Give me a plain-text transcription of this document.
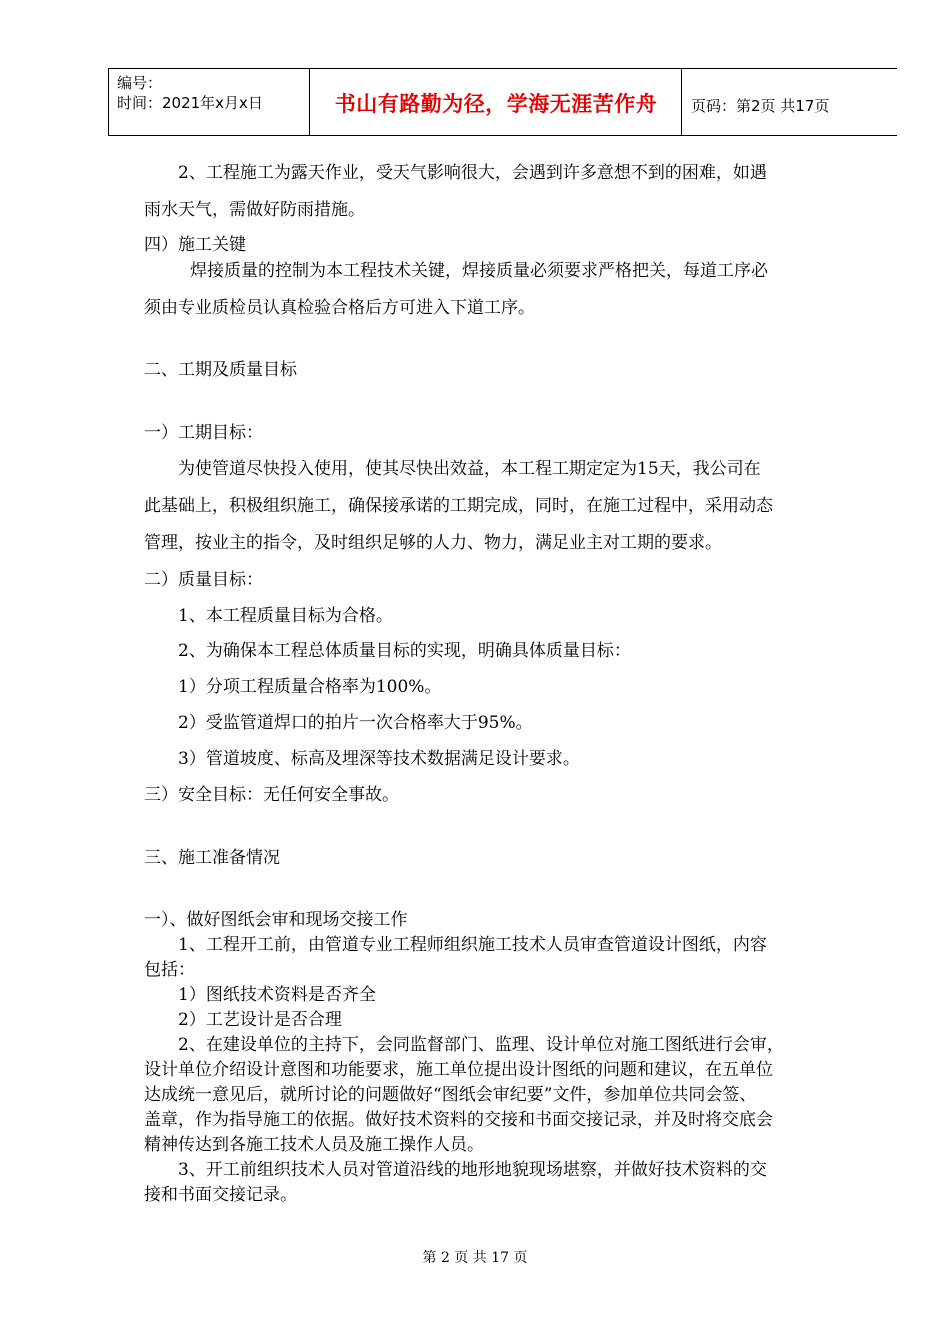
编号：
时间：2021年x月x日	书山有路勤为径，学海无涯苦作舟	页码：第2页 共17页
2、工程施工为露天作业，受天气影响很大，会遇到许多意想不到的困难，如遇
雨水天气，需做好防雨措施。
四）施工关键
焊接质量的控制为本工程技术关键，焊接质量必须要求严格把关，每道工序必
须由专业质检员认真检验合格后方可进入下道工序。
二、工期及质量目标
一）工期目标：
为使管道尽快投入使用，使其尽快出效益，本工程工期定定为15天，我公司在
此基础上，积极组织施工，确保接承诺的工期完成，同时，在施工过程中，采用动态
管理，按业主的指令，及时组织足够的人力、物力，满足业主对工期的要求。
二）质量目标：
1、本工程质量目标为合格。
2、为确保本工程总体质量目标的实现，明确具体质量目标：
1）分项工程质量合格率为100%。
2）受监管道焊口的拍片一次合格率大于95%。
3）管道坡度、标高及埋深等技术数据满足设计要求。
三）安全目标：无任何安全事故。
三、施工准备情况
一）、做好图纸会审和现场交接工作
1、工程开工前，由管道专业工程师组织施工技术人员审查管道设计图纸，内容
包括：
1）图纸技术资料是否齐全
2）工艺设计是否合理
2、在建设单位的主持下，会同监督部门、监理、设计单位对施工图纸进行会审，
设计单位介绍设计意图和功能要求，施工单位提出设计图纸的问题和建议，在五单位
达成统一意见后，就所讨论的问题做好“图纸会审纪要”文件，参加单位共同会签、
盖章，作为指导施工的依据。做好技术资料的交接和书面交接记录，并及时将交底会
精神传达到各施工技术人员及施工操作人员。
3、开工前组织技术人员对管道沿线的地形地貌现场堪察，并做好技术资料的交
接和书面交接记录。
第 2 页 共 17 页
